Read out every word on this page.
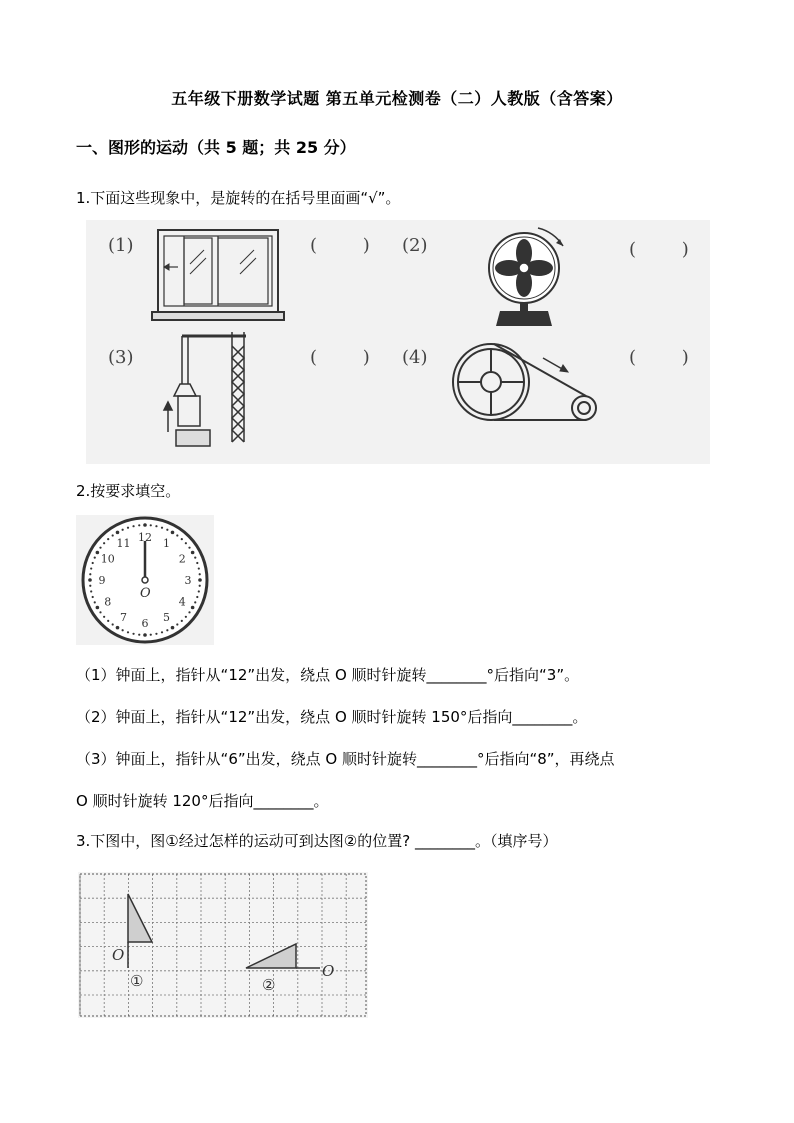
五年级下册数学试题 第五单元检测卷（二）人教版（含答案）
一、图形的运动（共 5 题；共 25 分）
1.下面这些现象中，是旋转的在括号里面画“√”。
(1)	(2)
(3)	(4)
(        )	(        )
(        )	(        )
2.按要求填空。
12 1
2
3
4
5
6
7
8
9
10
11
O
（1）钟面上，指针从“12”出发，绕点 O 顺时针旋转________°后指向“3”。
（2）钟面上，指针从“12”出发，绕点 O 顺时针旋转 150°后指向________。
（3）钟面上，指针从“6”出发，绕点 O 顺时针旋转________°后指向“8”，再绕点
O 顺时针旋转 120°后指向________。
3.下图中，图①经过怎样的运动可到达图②的位置? ________。（填序号）
O
①
O
②
